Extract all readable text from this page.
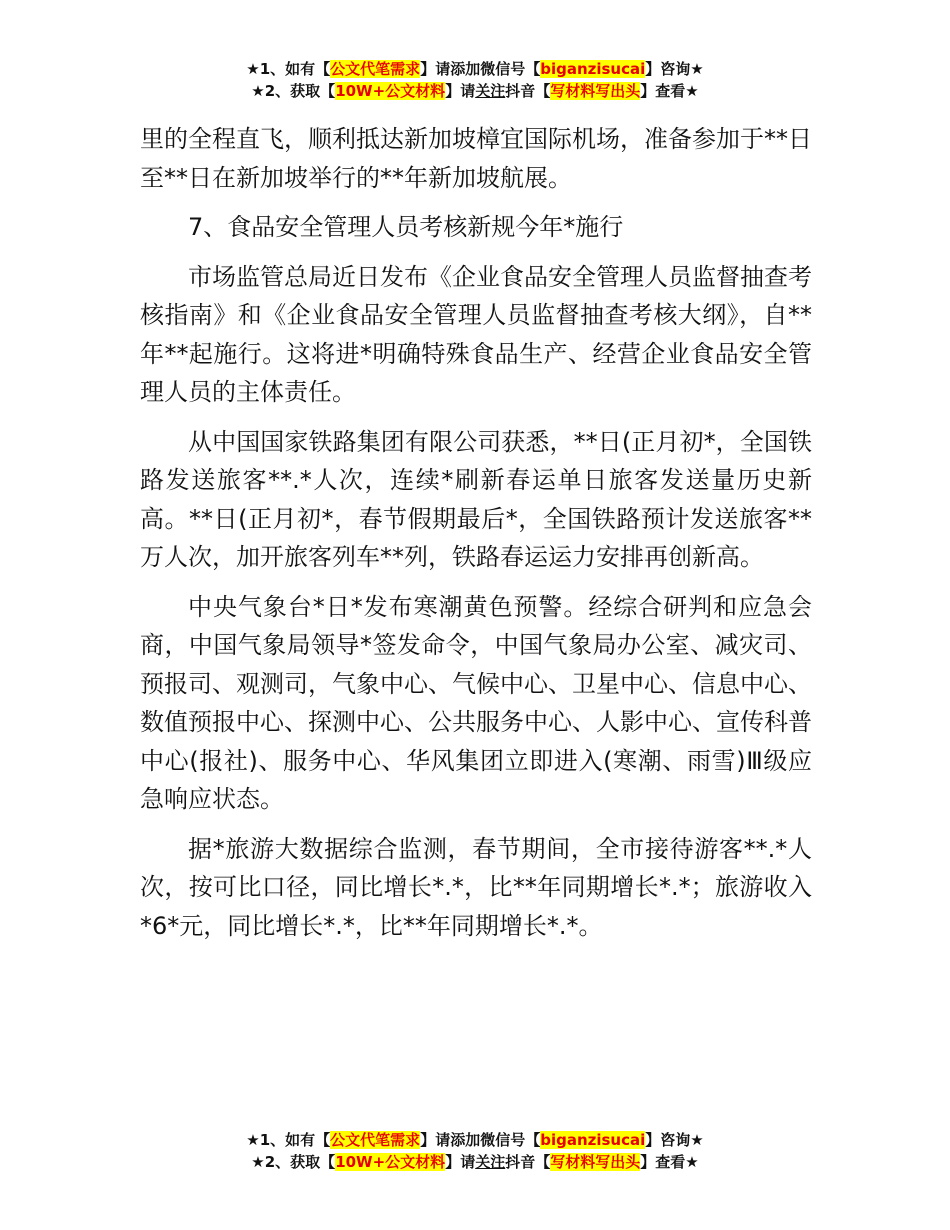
★1、如有【公文代笔需求】请添加微信号【biganzisucai】咨询★
★2、获取【10W+公文材料】请关注抖音【写材料写出头】查看★

里的全程直飞，顺利抵达新加坡樟宜国际机场，准备参加于**日至**日在新加坡举行的**年新加坡航展。

7、食品安全管理人员考核新规今年*施行

市场监管总局近日发布《企业食品安全管理人员监督抽查考核指南》和《企业食品安全管理人员监督抽查考核大纲》，自**年**起施行。这将进*明确特殊食品生产、经营企业食品安全管理人员的主体责任。

从中国国家铁路集团有限公司获悉，**日(正月初*，全国铁路发送旅客**.*人次，连续*刷新春运单日旅客发送量历史新高。**日(正月初*，春节假期最后*，全国铁路预计发送旅客**万人次，加开旅客列车**列，铁路春运运力安排再创新高。

中央气象台*日*发布寒潮黄色预警。经综合研判和应急会商，中国气象局领导*签发命令，中国气象局办公室、减灾司、预报司、观测司，气象中心、气候中心、卫星中心、信息中心、数值预报中心、探测中心、公共服务中心、人影中心、宣传科普中心(报社)、服务中心、华风集团立即进入(寒潮、雨雪)Ⅲ级应急响应状态。

据*旅游大数据综合监测，春节期间，全市接待游客**.*人次，按可比口径，同比增长*.*，比**年同期增长*.*；旅游收入*6*元，同比增长*.*，比**年同期增长*.*。

★1、如有【公文代笔需求】请添加微信号【biganzisucai】咨询★
★2、获取【10W+公文材料】请关注抖音【写材料写出头】查看★
